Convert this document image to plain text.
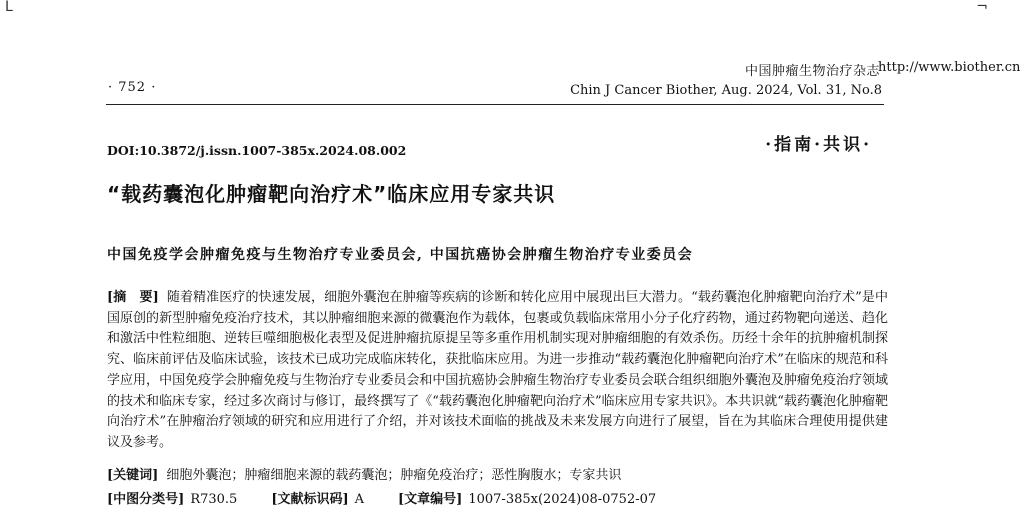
L	¬
中国肿瘤生物治疗杂志
http://www.biother.cn
· 752 ·	Chin J Cancer Biother, Aug. 2024, Vol. 31, No.8
DOI:10.3872/j.issn.1007-385x.2024.08.002	·指南·共识·
“载药囊泡化肿瘤靶向治疗术”临床应用专家共识
中国免疫学会肿瘤免疫与生物治疗专业委员会, 中国抗癌协会肿瘤生物治疗专业委员会
[摘　要] 随着精准医疗的快速发展，细胞外囊泡在肿瘤等疾病的诊断和转化应用中展现出巨大潜力。“载药囊泡化肿瘤靶向治疗术”是中国原创的新型肿瘤免疫治疗技术，其以肿瘤细胞来源的微囊泡作为载体，包裹或负载临床常用小分子化疗药物，通过药物靶向递送、趋化和激活中性粒细胞、逆转巨噬细胞极化表型及促进肿瘤抗原提呈等多重作用机制实现对肿瘤细胞的有效杀伤。历经十余年的抗肿瘤机制探究、临床前评估及临床试验，该技术已成功完成临床转化，获批临床应用。为进一步推动“载药囊泡化肿瘤靶向治疗术”在临床的规范和科学应用，中国免疫学会肿瘤免疫与生物治疗专业委员会和中国抗癌协会肿瘤生物治疗专业委员会联合组织细胞外囊泡及肿瘤免疫治疗领域的技术和临床专家，经过多次商讨与修订，最终撰写了《“载药囊泡化肿瘤靶向治疗术”临床应用专家共识》。本共识就“载药囊泡化肿瘤靶向治疗术”在肿瘤治疗领域的研究和应用进行了介绍，并对该技术面临的挑战及未来发展方向进行了展望，旨在为其临床合理使用提供建议及参考。
[关键词] 细胞外囊泡；肿瘤细胞来源的载药囊泡；肿瘤免疫治疗；恶性胸腹水；专家共识
[中图分类号] R730.5	[文献标识码] A	[文章编号] 1007-385x(2024)08-0752-07
